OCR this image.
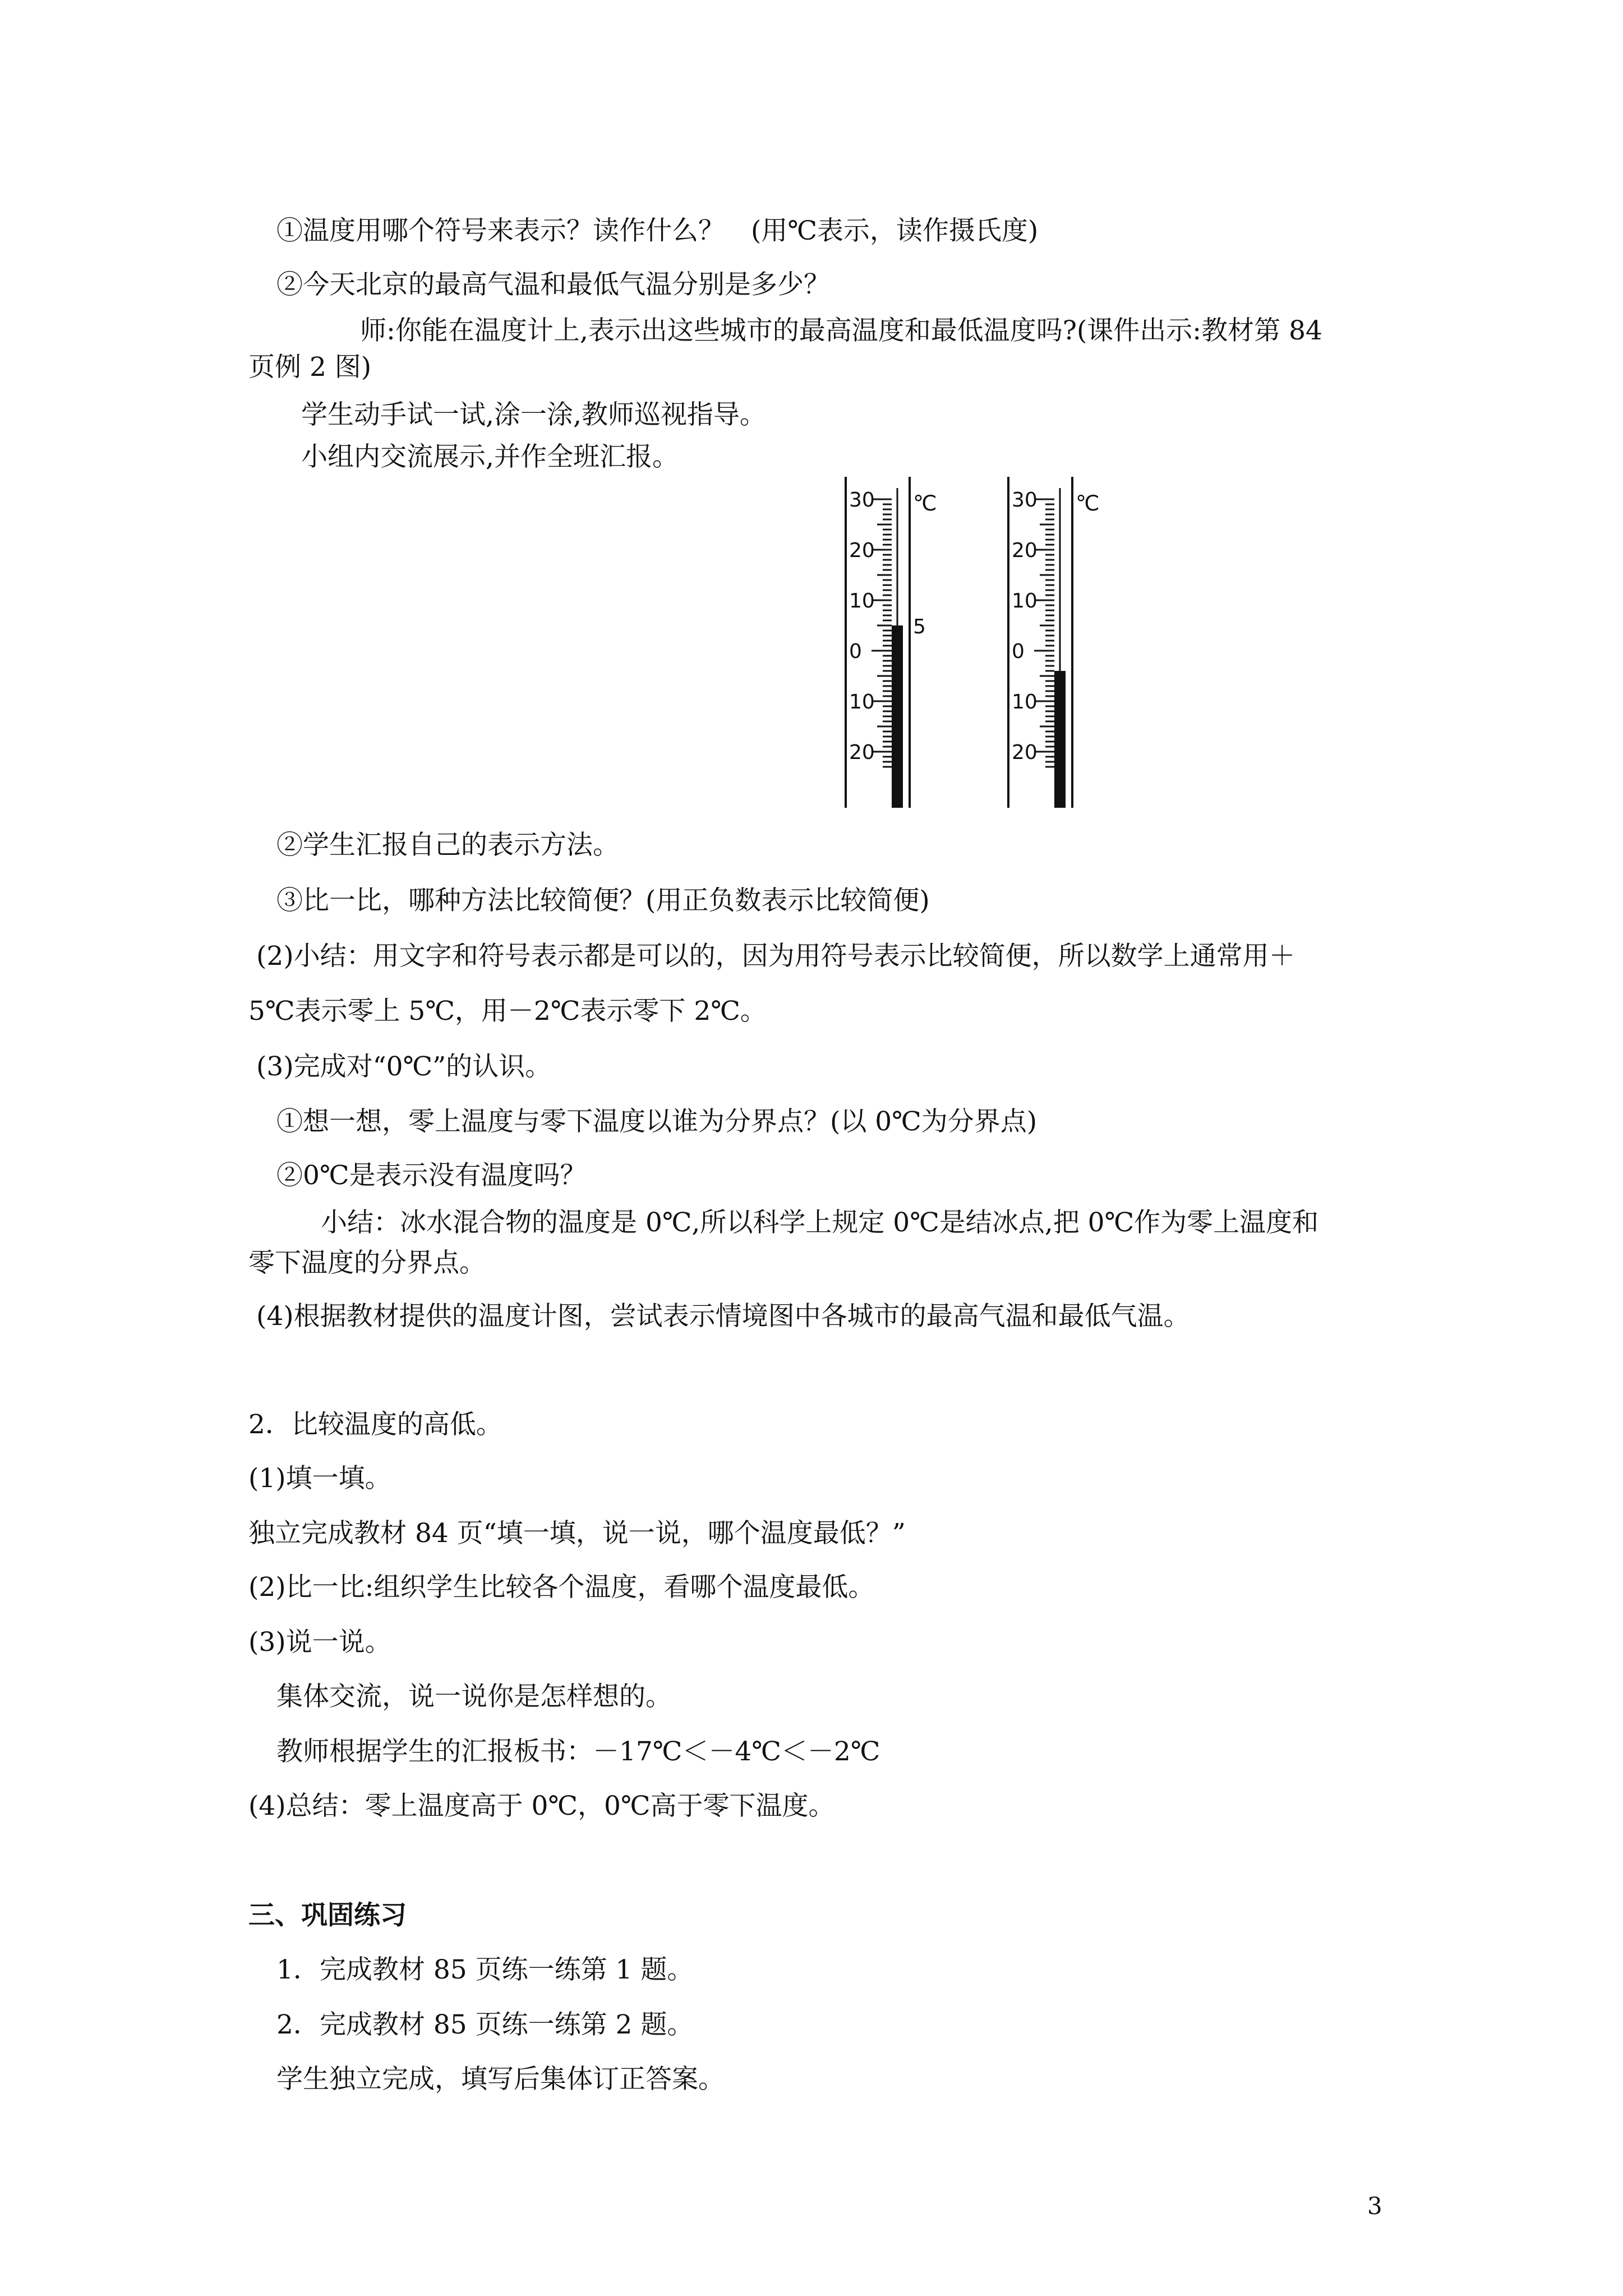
①温度用哪个符号来表示？读作什么？　(用℃表示，读作摄氏度)
②今天北京的最高气温和最低气温分别是多少？
师:你能在温度计上,表示出这些城市的最高温度和最低温度吗?(课件出示:教材第 84
页例 2 图)
学生动手试一试,涂一涂,教师巡视指导。
小组内交流展示,并作全班汇报。
30
20
10
0
10
20
℃
5
30
20
10
0
10
20
℃
②学生汇报自己的表示方法。
③比一比，哪种方法比较简便？(用正负数表示比较简便)
(2)小结：用文字和符号表示都是可以的，因为用符号表示比较简便，所以数学上通常用＋
5℃表示零上 5℃，用－2℃表示零下 2℃。
(3)完成对“0℃”的认识。
①想一想，零上温度与零下温度以谁为分界点？(以 0℃为分界点)
②0℃是表示没有温度吗？
小结：冰水混合物的温度是 0℃,所以科学上规定 0℃是结冰点,把 0℃作为零上温度和
零下温度的分界点。
(4)根据教材提供的温度计图，尝试表示情境图中各城市的最高气温和最低气温。
2．比较温度的高低。
(1)填一填。
独立完成教材 84 页“填一填，说一说，哪个温度最低？”
(2)比一比:组织学生比较各个温度，看哪个温度最低。
(3)说一说。
集体交流，说一说你是怎样想的。
教师根据学生的汇报板书：－17℃＜－4℃＜－2℃
(4)总结：零上温度高于 0℃，0℃高于零下温度。
三、巩固练习
1．完成教材 85 页练一练第 1 题。
2．完成教材 85 页练一练第 2 题。
学生独立完成，填写后集体订正答案。
3
